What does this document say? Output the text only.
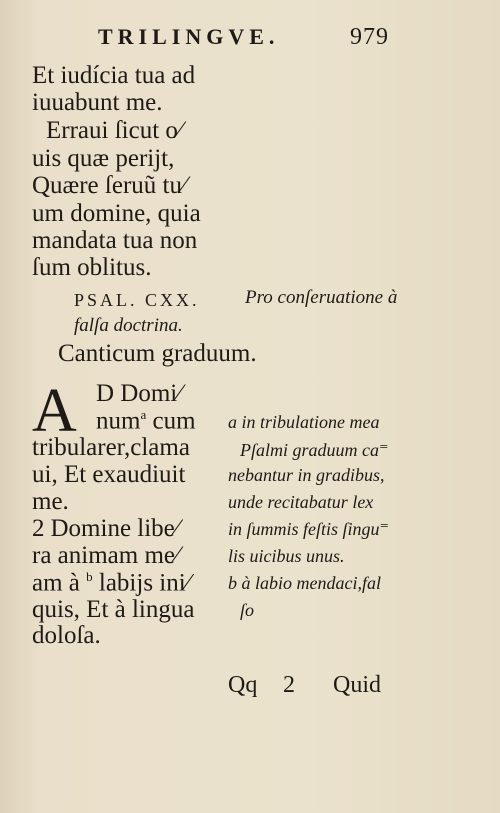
TRILINGVE.	979
Et iudícia tua ad
iuuabunt me.
Erraui ſicut o⁄
uis quæ perijt,
Quære ſeruũ tu⁄
um domine, quia
mandata tua non
ſum oblitus.
PSAL. CXX. Pro conſeruatione à
falſa doctrina.
Canticum graduum.
A D Domi⁄
num$^a$ cum
tribularer,clama
ui, Et exaudiuit
me.
2 Domine libe⁄
ra animam me⁄
am à $^b$ labijs ini⁄
quis, Et à lingua
doloſa.
a in tribulatione mea
Pſalmi graduum ca⁼
nebantur in gradibus,
unde recitabatur lex
in ſummis feſtis ſingu⁼
lis uicibus unus.
b à labio mendaci,fal
ſo
Qq 2 Quid
